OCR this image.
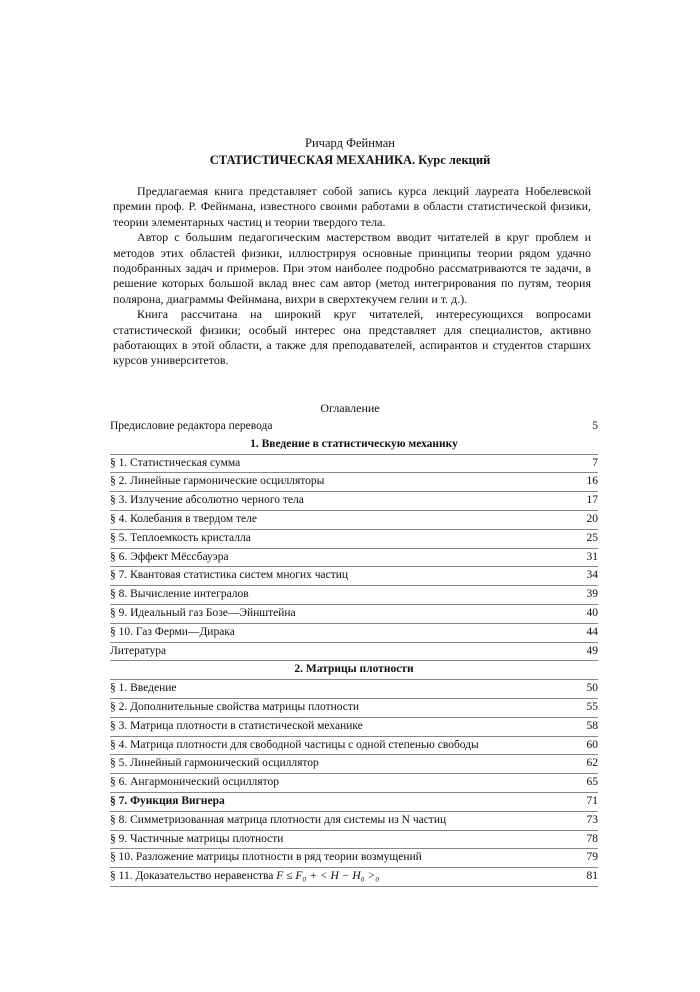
Ричард Фейнман
СТАТИСТИЧЕСКАЯ МЕХАНИКА. Курс лекций

Предлагаемая книга представляет собой запись курса лекций лауреата Нобелевской премии проф. Р. Фейнмана, известного своими работами в области статистической физики, теории элементарных частиц и теории твердого тела.

Автор с большим педагогическим мастерством вводит читателей в круг проблем и методов этих областей физики, иллюстрируя основные принципы теории рядом удачно подобранных задач и примеров. При этом наиболее подробно рассматриваются те задачи, в решение которых большой вклад внес сам автор (метод интегрирования по путям, теория полярона, диаграммы Фейнмана, вихри в сверхтекучем гелии и т. д.).

Книга рассчитана на широкий круг читателей, интересующихся вопросами статистической физики; особый интерес она представляет для специалистов, активно работающих в этой области, а также для преподавателей, аспирантов и студентов старших курсов университетов.

Оглавление
Предисловие редактора перевода	5
1. Введение в статистическую механику
§ 1. Статистическая сумма	7
§ 2. Линейные гармонические осцилляторы	16
§ 3. Излучение абсолютно черного тела	17
§ 4. Колебания в твердом теле	20
§ 5. Теплоемкость кристалла	25
§ 6. Эффект Мёссбауэра	31
§ 7. Квантовая статистика систем многих частиц	34
§ 8. Вычисление интегралов	39
§ 9. Идеальный газ Бозе—Эйнштейна	40
§ 10. Газ Ферми—Дирака	44
Литература	49
2. Матрицы плотности
§ 1. Введение	50
§ 2. Дополнительные свойства матрицы плотности	55
§ 3. Матрица плотности в статистической механике	58
§ 4. Матрица плотности для свободной частицы с одной степенью свободы	60
§ 5. Линейный гармонический осциллятор	62
§ 6. Ангармонический осциллятор	65
§ 7. Функция Вигнера	71
§ 8. Симметризованная матрица плотности для системы из N частиц	73
§ 9. Частичные матрицы плотности	78
§ 10. Разложение матрицы плотности в ряд теории возмущений	79
§ 11. Доказательство неравенства F ≤ F₀ + < H − H₀ >₀	81
